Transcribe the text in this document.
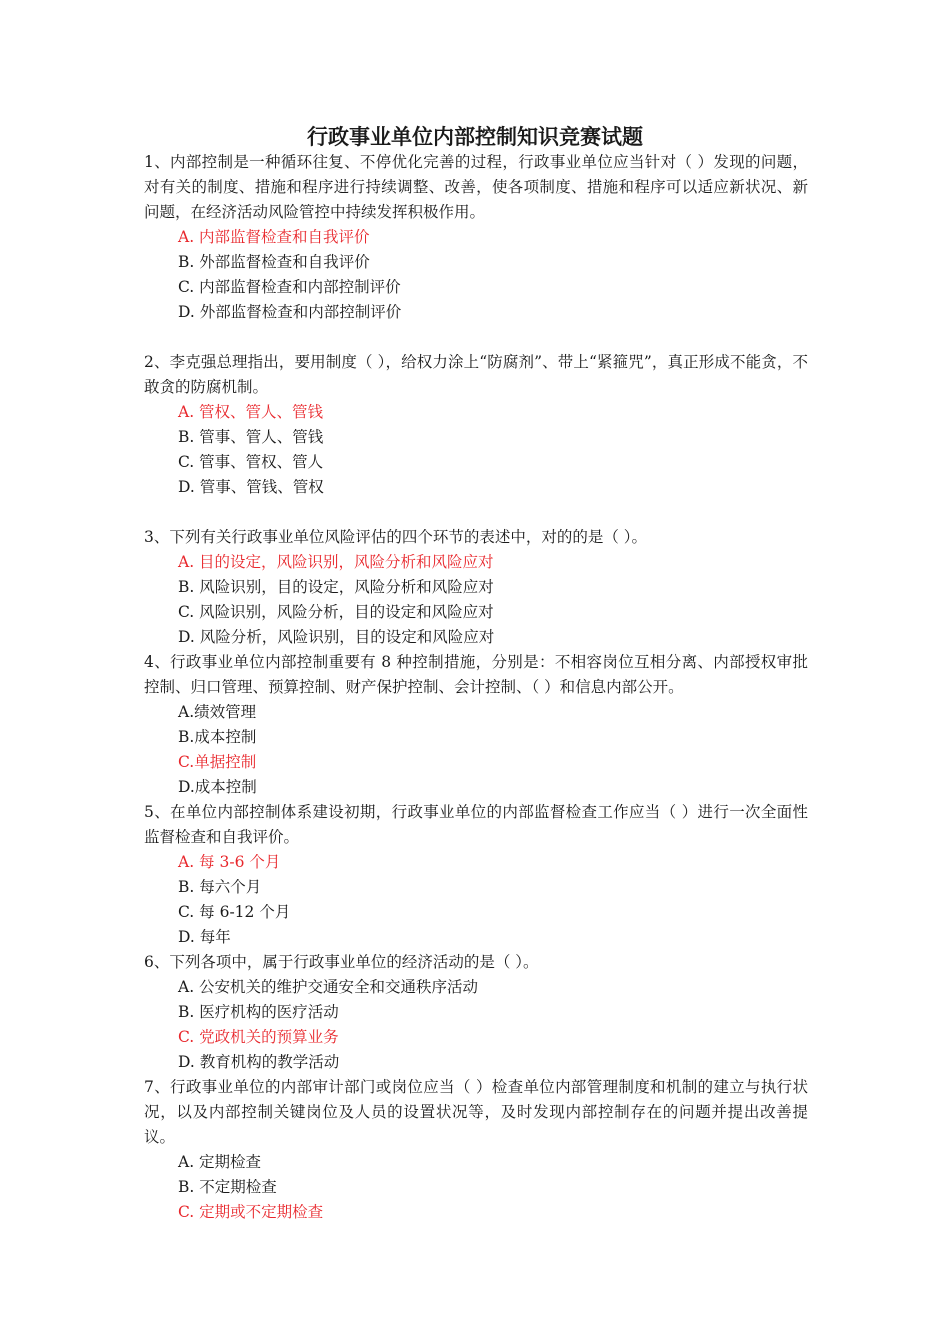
行政事业单位内部控制知识竞赛试题

1、内部控制是一种循环往复、不停优化完善的过程，行政事业单位应当针对（ ）发现的问题，对有关的制度、措施和程序进行持续调整、改善，使各项制度、措施和程序可以适应新状况、新问题，在经济活动风险管控中持续发挥积极作用。

A. 内部监督检查和自我评价
B. 外部监督检查和自我评价
C. 内部监督检查和内部控制评价
D. 外部监督检查和内部控制评价

2、李克强总理指出，要用制度（ ），给权力涂上“防腐剂”、带上“紧箍咒”，真正形成不能贪，不敢贪的防腐机制。

A. 管权、管人、管钱
B. 管事、管人、管钱
C. 管事、管权、管人
D. 管事、管钱、管权

3、下列有关行政事业单位风险评估的四个环节的表述中，对的的是（ ）。

A. 目的设定，风险识别，风险分析和风险应对
B. 风险识别，目的设定，风险分析和风险应对
C. 风险识别，风险分析，目的设定和风险应对
D. 风险分析，风险识别，目的设定和风险应对

4、行政事业单位内部控制重要有 8 种控制措施，分别是：不相容岗位互相分离、内部授权审批控制、归口管理、预算控制、财产保护控制、会计控制、（ ）和信息内部公开。

A.绩效管理
B.成本控制
C.单据控制
D.成本控制

5、在单位内部控制体系建设初期，行政事业单位的内部监督检查工作应当（ ）进行一次全面性监督检查和自我评价。

A. 每 3-6 个月
B. 每六个月
C. 每 6-12 个月
D. 每年

6、下列各项中，属于行政事业单位的经济活动的是（ ）。

A. 公安机关的维护交通安全和交通秩序活动
B. 医疗机构的医疗活动
C. 党政机关的预算业务
D. 教育机构的教学活动

7、行政事业单位的内部审计部门或岗位应当（ ）检查单位内部管理制度和机制的建立与执行状况，以及内部控制关键岗位及人员的设置状况等，及时发现内部控制存在的问题并提出改善提议。

A. 定期检查
B. 不定期检查
C. 定期或不定期检查
